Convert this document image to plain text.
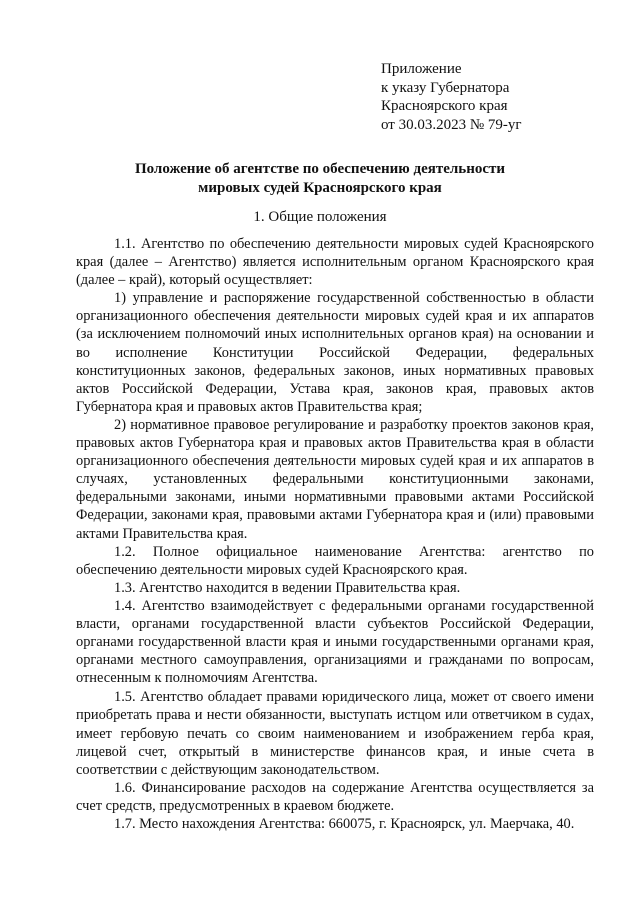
Приложение
к указу Губернатора
Красноярского края
от 30.03.2023 № 79-уг
Положение об агентстве по обеспечению деятельности
мировых судей Красноярского края
1. Общие положения

1.1. Агентство по обеспечению деятельности мировых судей Красноярского края (далее – Агентство) является исполнительным органом Красноярского края (далее – край), который осуществляет:

1) управление и распоряжение государственной собственностью в области организационного обеспечения деятельности мировых судей края и их аппаратов (за исключением полномочий иных исполнительных органов края) на основании и во исполнение Конституции Российской Федерации, федеральных конституционных законов, федеральных законов, иных нормативных правовых актов Российской Федерации, Устава края, законов края, правовых актов Губернатора края и правовых актов Правительства края;

2) нормативное правовое регулирование и разработку проектов законов края, правовых актов Губернатора края и правовых актов Правительства края в области организационного обеспечения деятельности мировых судей края и их аппаратов в случаях, установленных федеральными конституционными законами, федеральными законами, иными нормативными правовыми актами Российской Федерации, законами края, правовыми актами Губернатора края и (или) правовыми актами Правительства края.

1.2. Полное официальное наименование Агентства: агентство по обеспечению деятельности мировых судей Красноярского края.

1.3. Агентство находится в ведении Правительства края.

1.4. Агентство взаимодействует с федеральными органами государственной власти, органами государственной власти субъектов Российской Федерации, органами государственной власти края и иными государственными органами края, органами местного самоуправления, организациями и гражданами по вопросам, отнесенным к полномочиям Агентства.

1.5. Агентство обладает правами юридического лица, может от своего имени приобретать права и нести обязанности, выступать истцом или ответчиком в судах, имеет гербовую печать со своим наименованием и изображением герба края, лицевой счет, открытый в министерстве финансов края, и иные счета в соответствии с действующим законодательством.

1.6. Финансирование расходов на содержание Агентства осуществляется за счет средств, предусмотренных в краевом бюджете.

1.7. Место нахождения Агентства: 660075, г. Красноярск, ул. Маерчака, 40.
